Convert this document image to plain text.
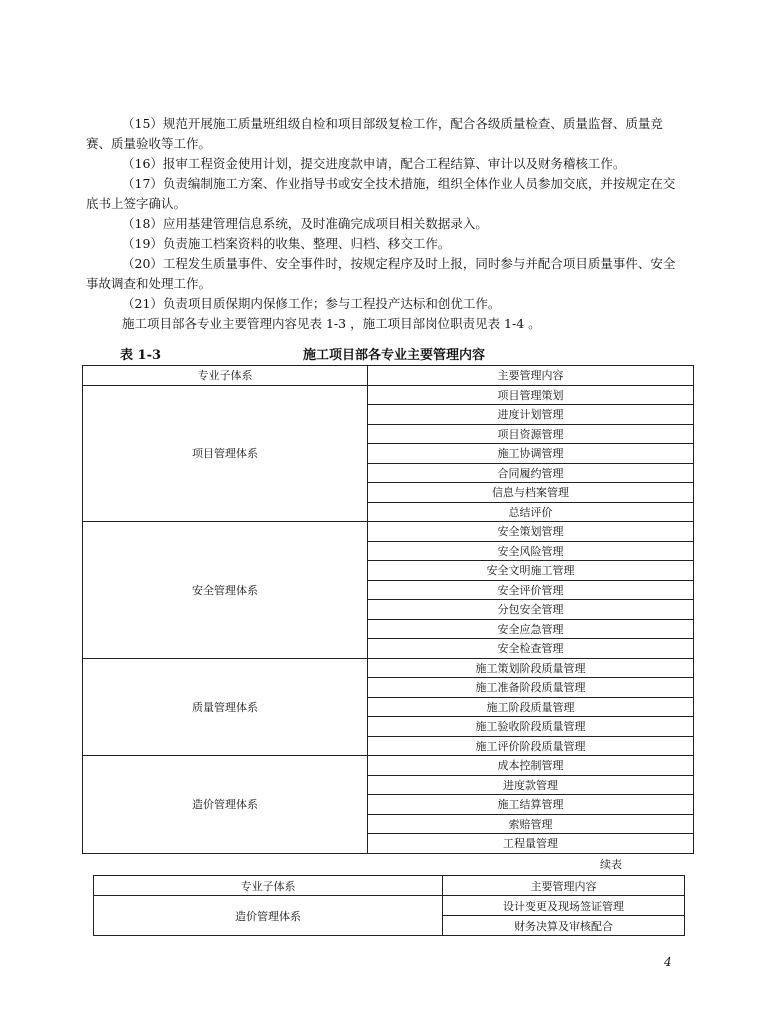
（15）规范开展施工质量班组级自检和项目部级复检工作，配合各级质量检查、质量监督、质量竞赛、质量验收等工作。

（16）报审工程资金使用计划，提交进度款申请，配合工程结算、审计以及财务稽核工作。

（17）负责编制施工方案、作业指导书或安全技术措施，组织全体作业人员参加交底，并按规定在交底书上签字确认。

（18）应用基建管理信息系统，及时准确完成项目相关数据录入。

（19）负责施工档案资料的收集、整理、归档、移交工作。

（20）工程发生质量事件、安全事件时，按规定程序及时上报，同时参与并配合项目质量事件、安全事故调查和处理工作。

（21）负责项目质保期内保修工作；参与工程投产达标和创优工作。

施工项目部各专业主要管理内容见表 1-3 ，施工项目部岗位职责见表 1-4 。

表 1-3	施工项目部各专业主要管理内容

专业子体系	主要管理内容
项目管理体系	项目管理策划
	进度计划管理
	项目资源管理
	施工协调管理
	合同履约管理
	信息与档案管理
	总结评价
安全管理体系	安全策划管理
	安全风险管理
	安全文明施工管理
	安全评价管理
	分包安全管理
	安全应急管理
	安全检查管理
质量管理体系	施工策划阶段质量管理
	施工准备阶段质量管理
	施工阶段质量管理
	施工验收阶段质量管理
	施工评价阶段质量管理
造价管理体系	成本控制管理
	进度款管理
	施工结算管理
	索赔管理
	工程量管理

续表

专业子体系	主要管理内容
造价管理体系	设计变更及现场签证管理
	财务决算及审核配合

4
